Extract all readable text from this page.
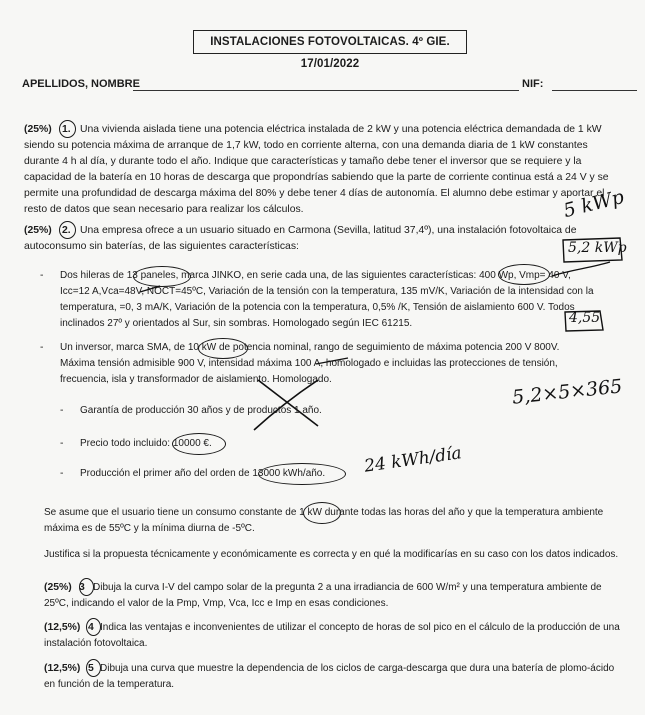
INSTALACIONES FOTOVOLTAICAS. 4º GIE. 17/01/2022
APELLIDOS, NOMBRE	NIF:
(25%) 1. Una vivienda aislada tiene una potencia eléctrica instalada de 2 kW y una potencia eléctrica demandada de 1 kW
siendo su potencia máxima de arranque de 1,7 kW, todo en corriente alterna, con una demanda diaria de 1 kW constantes
durante 4 h al día, y durante todo el año. Indique que características y tamaño debe tener el inversor que se requiere y la
capacidad de la batería en 10 horas de descarga que propondrías sabiendo que la parte de corriente continua está a 24 V y se
permite una profundidad de descarga máxima del 80% y debe tener 4 días de autonomía. El alumno debe estimar y aportar el
resto de datos que sean necesario para realizar los cálculos.
(25%) 2. Una empresa ofrece a un usuario situado en Carmona (Sevilla, latitud 37,4º), una instalación fotovoltaica de
autoconsumo sin baterías, de las siguientes características:
- Dos hileras de 13 paneles, marca JINKO, en serie cada una, de las siguientes características: 400 Wp, Vmp= 40 V,
Icc=12 A,Vca=48V, NOCT=45ºC, Variación de la tensión con la temperatura, 135 mV/K, Variación de la intensidad con la
temperatura, =0, 3 mA/K, Variación de la potencia con la temperatura, 0,5% /K, Tensión de aislamiento 600 V. Todos
inclinados 27º y orientados al Sur, sin sombras. Homologado según IEC 61215.
- Un inversor, marca SMA, de 10 kW de potencia nominal, rango de seguimiento de máxima potencia 200 V 800V.
Máxima tensión admisible 900 V, intensidad máxima 100 A, homologado e incluidas las protecciones de tensión,
frecuencia, isla y transformador de aislamiento. Homologado.
- Garantía de producción 30 años y de productos 1 año.
- Precio todo incluido: 10000 €.
- Producción el primer año del orden de 13000 kWh/año.
Se asume que el usuario tiene un consumo constante de 1 kW durante todas las horas del año y que la temperatura ambiente
máxima es de 55ºC y la mínima diurna de -5ºC.
Justifica si la propuesta técnicamente y económicamente es correcta y en qué la modificarías en su caso con los datos indicados.
(25%) 3 Dibuja la curva I-V del campo solar de la pregunta 2 a una irradiancia de 600 W/m² y una temperatura ambiente de
25ºC, indicando el valor de la Pmp, Vmp, Vca, Icc e Imp en esas condiciones.
(12,5%) 4 Indica las ventajas e inconvenientes de utilizar el concepto de horas de sol pico en el cálculo de la producción de una
instalación fotovoltaica.
(12,5%) 5 Dibuja una curva que muestre la dependencia de los ciclos de carga-descarga que dura una batería de plomo-ácido
en función de la temperatura.
5 kWp
5,2 kWp
4,55
5,2×5×365
24 kWh/día
